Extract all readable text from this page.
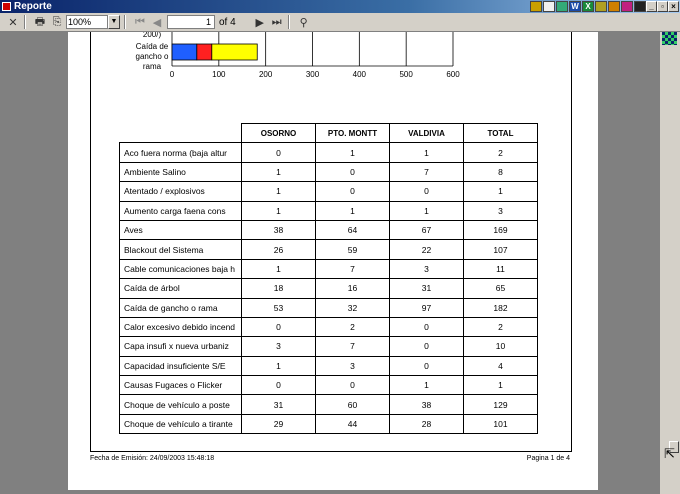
Reporte	W X	_ ▫ ×
✕ 🖶 ⎘ 100%	▼ ⏮ ◀	1 of 4 ▶ ⏭ ⚲
⇱
200/)
Caída de
gancho o
rama
0	100	200	300	400	500	600
	OSORNO	PTO. MONTT	VALDIVIA	TOTAL
Aco fuera norma (baja altur	0	1	1	2
Ambiente Salino	1	0	7	8
Atentado / explosivos	1	0	0	1
Aumento carga faena cons	1	1	1	3
Aves	38	64	67	169
Blackout del Sistema	26	59	22	107
Cable comunicaciones baja h	1	7	3	11
Caída de árbol	18	16	31	65
Caída de gancho o rama	53	32	97	182
Calor excesivo debido incend	0	2	0	2
Capa insufi x nueva urbaniz	3	7	0	10
Capacidad insuficiente S/E	1	3	0	4
Causas Fugaces o Flicker	0	0	1	1
Choque de vehículo a poste	31	60	38	129
Choque de vehículo a tirante	29	44	28	101
Fecha de Emisión: 24/09/2003 15:48:18	Pagina 1 de 4
